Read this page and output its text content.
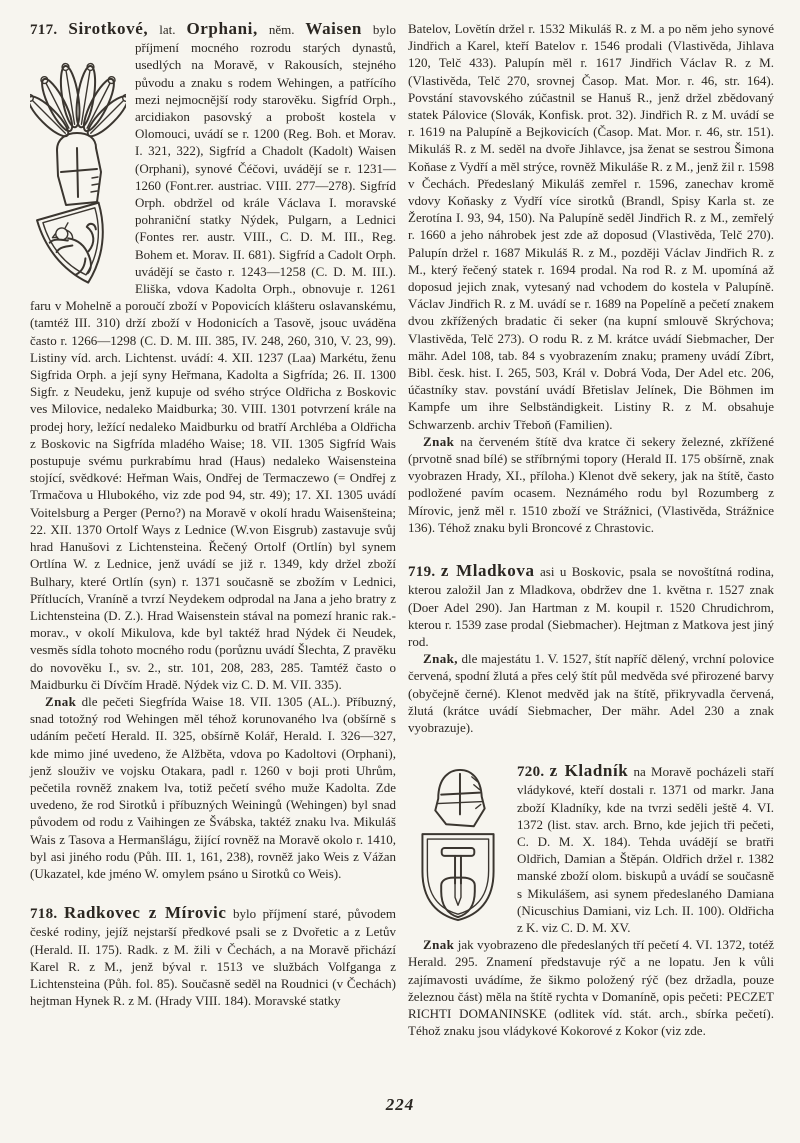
717. Sirotkové, lat. Orphani, něm. Waisen bylo příjmení mocného rozrodu starých dynastů, usedlých na Moravě, v Rakousích, stejného původu a znaku s rodem Wehingen, a patřícího mezi nejmocnější rody starověku. Sigfríd Orph., arcidiakon pasovský a probošt kostela v Olomouci, uvádí se r. 1200 (Reg. Boh. et Morav. I. 321, 322), Sigfríd a Chadolt (Kadolt) Waisen (Orphani), synové Čéčovi, uvádějí se r. 1231—1260 (Font.rer. austriac. VIII. 277—278). Sigfríd Orph. obdržel od krále Václava I. moravské pohraniční statky Nýdek, Pulgarn, a Lednici (Fontes rer. austr. VIII., C. D. M. III., Reg. Bohem et. Morav. II. 681). Sigfríd a Cadolt Orph. uvádějí se často r. 1243—1258 (C. D. M. III.). Eliška, vdova Kadolta Orph., obnovuje r. 1261 faru v Mohelně a poroučí zboží v Popovicích klášteru oslavanskému, (tamtéž III. 310) drží zboží v Hodonicích a Tasově, jsouc uváděna často r. 1266—1298 (C. D. M. III. 385, IV. 248, 260, 310, V. 23, 99). Listiny víd. arch. Lichtenst. uvádí: 4. XII. 1237 (Laa) Markétu, ženu Sigfrida Orph. a její syny Heřmana, Kadolta a Sigfrída; 26. II. 1300 Sigfr. z Neudeku, jenž kupuje od svého strýce Oldřicha z Boskovic ves Milovice, nedaleko Maidburka; 30. VIII. 1301 potvrzení krále na prodej hory, ležící nedaleko Maidburku od bratří Archléba a Oldřicha z Boskovic na Sigfrída mladého Waise; 18. VII. 1305 Sigfríd Wais postupuje svému purkrabímu hrad (Haus) nedaleko Waisensteina stojící, svědkové: Heřman Wais, Ondřej de Termaczewo (= Ondřej z Trmačova u Hlubokého, viz zde pod 94, str. 49); 17. XI. 1305 uvádí Voitelsburg a Perger (Perno?) na Moravě v okolí hradu Waisenšteina; 22. XII. 1370 Ortolf Ways z Lednice (W.von Eisgrub) zastavuje svůj hrad Hanušovi z Lichtensteina. Řečený Ortolf (Ortlín) byl synem Ortlína W. z Lednice, jenž uvádí se již r. 1349, kdy držel zboží Bulhary, které Ortlín (syn) r. 1371 současně se zbožím v Lednici, Přítlucích, Vraníně a tvrzí Neydekem odprodal na Jana a jeho bratry z Lichtensteina (D. Z.). Hrad Waisenstein stával na pomezí hranic rak.-morav., v okolí Mikulova, kde byl taktéž hrad Nýdek či Neudek, vesměs sídla tohoto mocného rodu (porůznu uvádí Šlechta, Z pravěku do novověku I., sv. 2., str. 101, 208, 283, 285. Tamtéž často o Maidburku či Dívčím Hradě. Nýdek viz C. D. M. VII. 335).

Znak dle pečeti Siegfrída Waise 18. VII. 1305 (AL.). Příbuzný, snad totožný rod Wehingen měl téhož korunovaného lva (obšírně s udáním pečetí Herald. II. 325, obšírně Kolář, Herald. I. 326—327, kde mimo jiné uvedeno, že Alžběta, vdova po Kadoltovi (Orphani), jenž slouživ ve vojsku Otakara, padl r. 1260 v boji proti Uhrům, pečetila rovněž znakem lva, totiž pečetí svého muže Kadolta. Zde uvedeno, že rod Sirotků i příbuzných Weiningů (Wehingen) byl snad původem od rodu z Vaihingen ze Švábska, taktéž znaku lva. Mikuláš Wais z Tasova a Hermanšlágu, žijící rovněž na Moravě okolo r. 1410, byl asi jiného rodu (Půh. III. 1, 161, 238), rovněž jako Weis z Vážan (Ukazatel, kde jméno W. omylem psáno u Sirotků co Weis).

718. Radkovec z Mírovic bylo příjmení staré, původem české rodiny, jejíž nejstarší předkové psali se z Dvořetic a z Letův (Herald. II. 175). Radk. z M. žili v Čechách, a na Moravě přichází Karel R. z M., jenž býval r. 1513 ve službách Volfganga z Lichtensteina (Půh. fol. 85). Současně seděl na Roudnici (v Čechách) hejtman Hynek R. z M. (Hrady VIII. 184). Moravské statky

Batelov, Lovětín držel r. 1532 Mikuláš R. z M. a po něm jeho synové Jindřich a Karel, kteří Batelov r. 1546 prodali (Vlastivěda, Jihlava 120, Telč 433). Palupín měl r. 1617 Jindřich Václav R. z M. (Vlastivěda, Telč 270, srovnej Časop. Mat. Mor. r. 46, str. 164). Povstání stavovského zúčastnil se Hanuš R., jenž držel zbědovaný statek Pálovice (Slovák, Konfisk. prot. 32). Jindřich R. z M. uvádí se r. 1619 na Palupíně a Bejkovicích (Časop. Mat. Mor. r. 46, str. 151). Mikuláš R. z M. seděl na dvoře Jihlavce, jsa ženat se sestrou Šimona Koňase z Vydří a měl strýce, rovněž Mikuláše R. z M., jenž žil r. 1598 v Čechách. Předeslaný Mikuláš zemřel r. 1596, zanechav kromě vdovy Koňasky z Vydří více sirotků (Brandl, Spisy Karla st. ze Žerotína I. 93, 94, 150). Na Palupíně seděl Jindřich R. z M., zemřelý r. 1660 a jeho náhrobek jest zde až doposud (Vlastivěda, Telč 270). Palupín držel r. 1687 Mikuláš R. z M., později Václav Jindřich R. z M., který řečený statek r. 1694 prodal. Na rod R. z M. upomíná až doposud jejich znak, vytesaný nad vchodem do kostela v Palupíně. Václav Jindřich R. z M. uvádí se r. 1689 na Popelíně a pečetí znakem dvou zkřížených bradatic či seker (na kupní smlouvě Skrýchova; Vlastivěda, Telč 273). O rodu R. z M. krátce uvádí Siebmacher, Der mähr. Adel 108, tab. 84 s vyobrazením znaku; prameny uvádí Zíbrt, Bibl. česk. hist. I. 265, 503, Král v. Dobrá Voda, Der Adel etc. 206, účastníky stav. povstání uvádí Břetislav Jelínek, Die Böhmen im Kampfe um ihre Selbständigkeit. Listiny R. z M. obsahuje Schwarzenb. archiv Třeboň (Familien).

Znak na červeném štítě dva kratce či sekery železné, zkřížené (prvotně snad bílé) se stříbrnými topory (Herald II. 175 obšírně, znak vyobrazen Hrady, XI., příloha.) Klenot dvě sekery, jak na štítě, často podložené pavím ocasem. Neznámého rodu byl Rozumberg z Mírovic, jenž měl r. 1510 zboží ve Strážnici, (Vlastivěda, Strážnice 136). Téhož znaku byli Broncové z Chrastovic.

719. z Mladkova asi u Boskovic, psala se novoštítná rodina, kterou založil Jan z Mladkova, obdržev dne 1. května r. 1527 znak (Doer Adel 290). Jan Hartman z M. koupil r. 1520 Chrudichrom, kterou r. 1539 zase prodal (Siebmacher). Hejtman z Matkova jest jiný rod.

Znak, dle majestátu 1. V. 1527, štít napříč dělený, vrchní polovice červená, spodní žlutá a přes celý štít půl medvěda své přirozené barvy (obyčejně černé). Klenot medvěd jak na štítě, přikryvadla červená, žlutá (krátce uvádí Siebmacher, Der mähr. Adel 230 a znak vyobrazuje).

720. z Kladník na Moravě pocházeli staří vládykové, kteří dostali r. 1371 od markr. Jana zboží Kladníky, kde na tvrzi seděli ještě 4. VI. 1372 (list. stav. arch. Brno, kde jejich tři pečeti, C. D. M. X. 184). Tehda uvádějí se bratři Oldřich, Damian a Štěpán. Oldřich držel r. 1382 manské zboží olom. biskupů a uvádí se současně s Mikulášem, asi synem předeslaného Damiana (Nicuschius Damiani, viz Lch. II. 100). Oldřicha z K. viz C. D. M. XV.

Znak jak vyobrazeno dle předeslaných tří pečetí 4. VI. 1372, totéž Herald. 295. Znamení představuje rýč a ne lopatu. Jen k vůli zajímavosti uvádíme, že šikmo položený rýč (bez držadla, pouze železnou část) měla na štítě rychta v Domaníně, opis pečeti: PECZET RICHTI DOMANINSKE (odlitek víd. stát. arch., sbírka pečetí). Téhož znaku jsou vládykové Kokorové z Kokor (viz zde.

224
